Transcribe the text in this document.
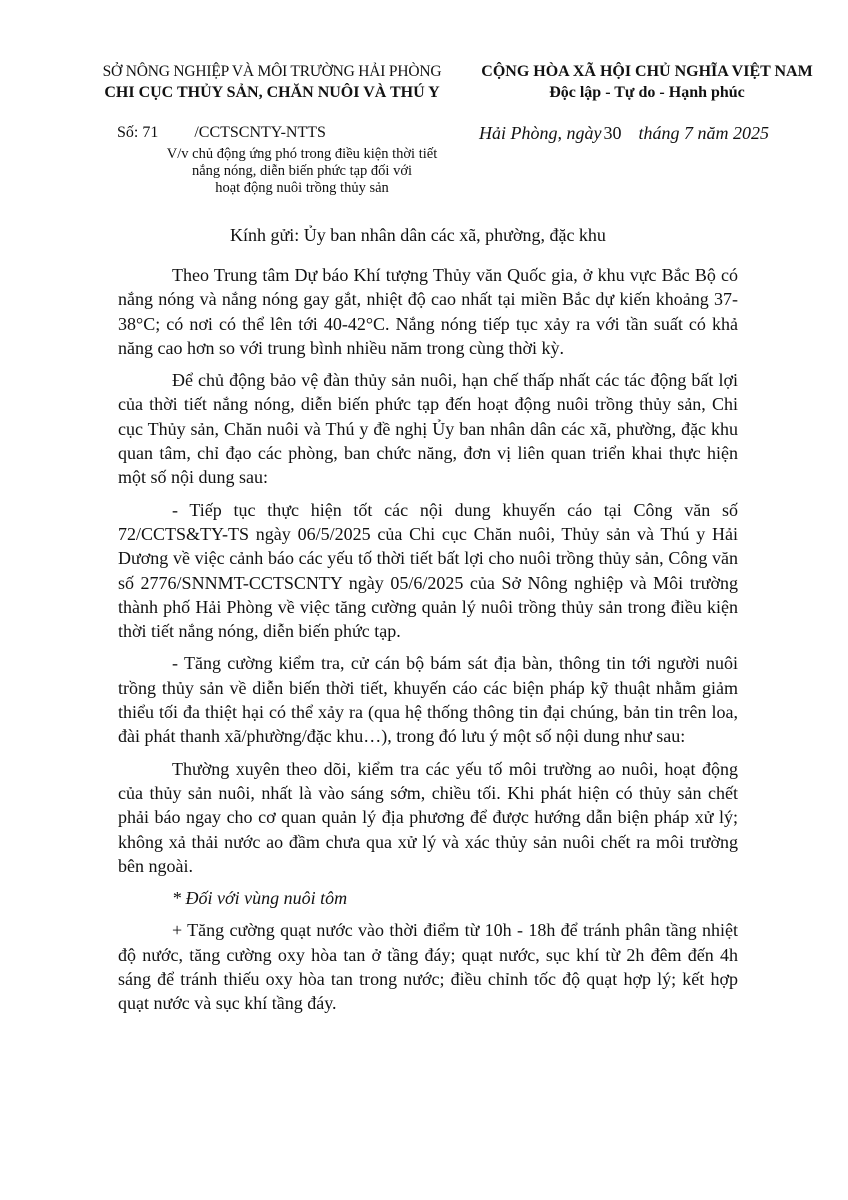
SỞ NÔNG NGHIỆP VÀ MÔI TRƯỜNG HẢI PHÒNG
CHI CỤC THỦY SẢN, CHĂN NUÔI VÀ THÚ Y
CỘNG HÒA XÃ HỘI CHỦ NGHĨA VIỆT NAM
Độc lập - Tự do - Hạnh phúc
Số: 71 /CCTSCNTY-NTTS
V/v chủ động ứng phó trong điều kiện thời tiết
nắng nóng, diễn biến phức tạp đối với
hoạt động nuôi trồng thủy sản
Hải Phòng, ngày 30 tháng 7 năm 2025
Kính gửi: Ủy ban nhân dân các xã, phường, đặc khu

Theo Trung tâm Dự báo Khí tượng Thủy văn Quốc gia, ở khu vực Bắc Bộ có nắng nóng và nắng nóng gay gắt, nhiệt độ cao nhất tại miền Bắc dự kiến khoảng 37-38°C; có nơi có thể lên tới 40-42°C. Nắng nóng tiếp tục xảy ra với tần suất có khả năng cao hơn so với trung bình nhiều năm trong cùng thời kỳ.

Để chủ động bảo vệ đàn thủy sản nuôi, hạn chế thấp nhất các tác động bất lợi của thời tiết nắng nóng, diễn biến phức tạp đến hoạt động nuôi trồng thủy sản, Chi cục Thủy sản, Chăn nuôi và Thú y đề nghị Ủy ban nhân dân các xã, phường, đặc khu quan tâm, chỉ đạo các phòng, ban chức năng, đơn vị liên quan triển khai thực hiện một số nội dung sau:

- Tiếp tục thực hiện tốt các nội dung khuyến cáo tại Công văn số 72/CCTS&TY-TS ngày 06/5/2025 của Chi cục Chăn nuôi, Thủy sản và Thú y Hải Dương về việc cảnh báo các yếu tố thời tiết bất lợi cho nuôi trồng thủy sản, Công văn số 2776/SNNMT-CCTSCNTY ngày 05/6/2025 của Sở Nông nghiệp và Môi trường thành phố Hải Phòng về việc tăng cường quản lý nuôi trồng thủy sản trong điều kiện thời tiết nắng nóng, diễn biến phức tạp.

- Tăng cường kiểm tra, cử cán bộ bám sát địa bàn, thông tin tới người nuôi trồng thủy sản về diễn biến thời tiết, khuyến cáo các biện pháp kỹ thuật nhằm giảm thiểu tối đa thiệt hại có thể xảy ra (qua hệ thống thông tin đại chúng, bản tin trên loa, đài phát thanh xã/phường/đặc khu…), trong đó lưu ý một số nội dung như sau:

Thường xuyên theo dõi, kiểm tra các yếu tố môi trường ao nuôi, hoạt động của thủy sản nuôi, nhất là vào sáng sớm, chiều tối. Khi phát hiện có thủy sản chết phải báo ngay cho cơ quan quản lý địa phương để được hướng dẫn biện pháp xử lý; không xả thải nước ao đầm chưa qua xử lý và xác thủy sản nuôi chết ra môi trường bên ngoài.

* Đối với vùng nuôi tôm

+ Tăng cường quạt nước vào thời điểm từ 10h - 18h để tránh phân tầng nhiệt độ nước, tăng cường oxy hòa tan ở tầng đáy; quạt nước, sục khí từ 2h đêm đến 4h sáng để tránh thiếu oxy hòa tan trong nước; điều chỉnh tốc độ quạt hợp lý; kết hợp quạt nước và sục khí tầng đáy.
